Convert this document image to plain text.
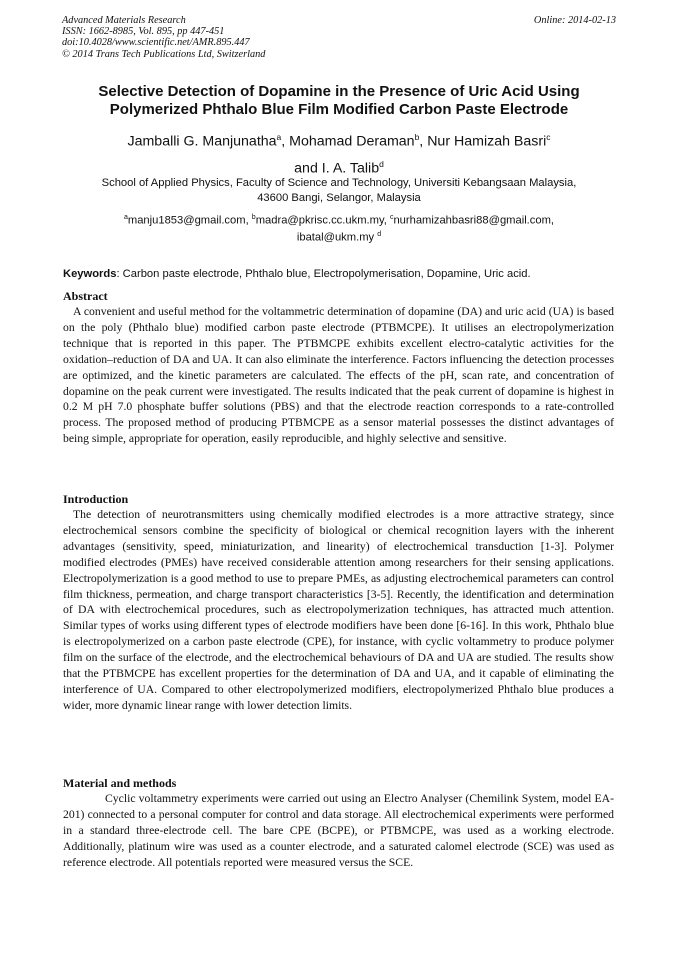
Advanced Materials Research
ISSN: 1662-8985, Vol. 895, pp 447-451
doi:10.4028/www.scientific.net/AMR.895.447
© 2014 Trans Tech Publications Ltd, Switzerland
Online: 2014-02-13
Selective Detection of Dopamine in the Presence of Uric Acid Using
Polymerized Phthalo Blue Film Modified Carbon Paste Electrode
Jamballi G. Manjunatha$^a$, Mohamad Deraman$^b$, Nur Hamizah Basri$^c$
and I. A. Talib$^d$
School of Applied Physics, Faculty of Science and Technology, Universiti Kebangsaan Malaysia,
43600 Bangi, Selangor, Malaysia
$^a$manju1853@gmail.com, $^b$madra@pkrisc.cc.ukm.my, $^c$nurhamizahbasri88@gmail.com,
ibatal@ukm.my $^d$
Keywords: Carbon paste electrode, Phthalo blue, Electropolymerisation, Dopamine, Uric acid.
Abstract
A convenient and useful method for the voltammetric determination of dopamine (DA) and uric acid (UA) is based on the poly (Phthalo blue) modified carbon paste electrode (PTBMCPE). It utilises an electropolymerization technique that is reported in this paper. The PTBMCPE exhibits excellent electro-catalytic activities for the oxidation–reduction of DA and UA. It can also eliminate the interference. Factors influencing the detection processes are optimized, and the kinetic parameters are calculated. The effects of the pH, scan rate, and concentration of dopamine on the peak current were investigated. The results indicated that the peak current of dopamine is highest in 0.2 M pH 7.0 phosphate buffer solutions (PBS) and that the electrode reaction corresponds to a rate-controlled process. The proposed method of producing PTBMCPE as a sensor material possesses the distinct advantages of being simple, appropriate for operation, easily reproducible, and highly selective and sensitive.
Introduction
The detection of neurotransmitters using chemically modified electrodes is a more attractive strategy, since electrochemical sensors combine the specificity of biological or chemical recognition layers with the inherent advantages (sensitivity, speed, miniaturization, and linearity) of electrochemical transduction [1-3]. Polymer modified electrodes (PMEs) have received considerable attention among researchers for their sensing applications. Electropolymerization is a good method to use to prepare PMEs, as adjusting electrochemical parameters can control film thickness, permeation, and charge transport characteristics [3-5]. Recently, the identification and determination of DA with electrochemical procedures, such as electropolymerization techniques, has attracted much attention. Similar types of works using different types of electrode modifiers have been done [6-16]. In this work, Phthalo blue is electropolymerized on a carbon paste electrode (CPE), for instance, with cyclic voltammetry to produce polymer film on the surface of the electrode, and the electrochemical behaviours of DA and UA are studied. The results show that the PTBMCPE has excellent properties for the determination of DA and UA, and it capable of eliminating the interference of UA. Compared to other electropolymerized modifiers, electropolymerized Phthalo blue produces a wider, more dynamic linear range with lower detection limits.
Material and methods
Cyclic voltammetry experiments were carried out using an Electro Analyser (Chemilink System, model EA-201) connected to a personal computer for control and data storage. All electrochemical experiments were performed in a standard three-electrode cell. The bare CPE (BCPE), or PTBMCPE, was used as a working electrode. Additionally, platinum wire was used as a counter electrode, and a saturated calomel electrode (SCE) was used as reference electrode. All potentials reported were measured versus the SCE.
